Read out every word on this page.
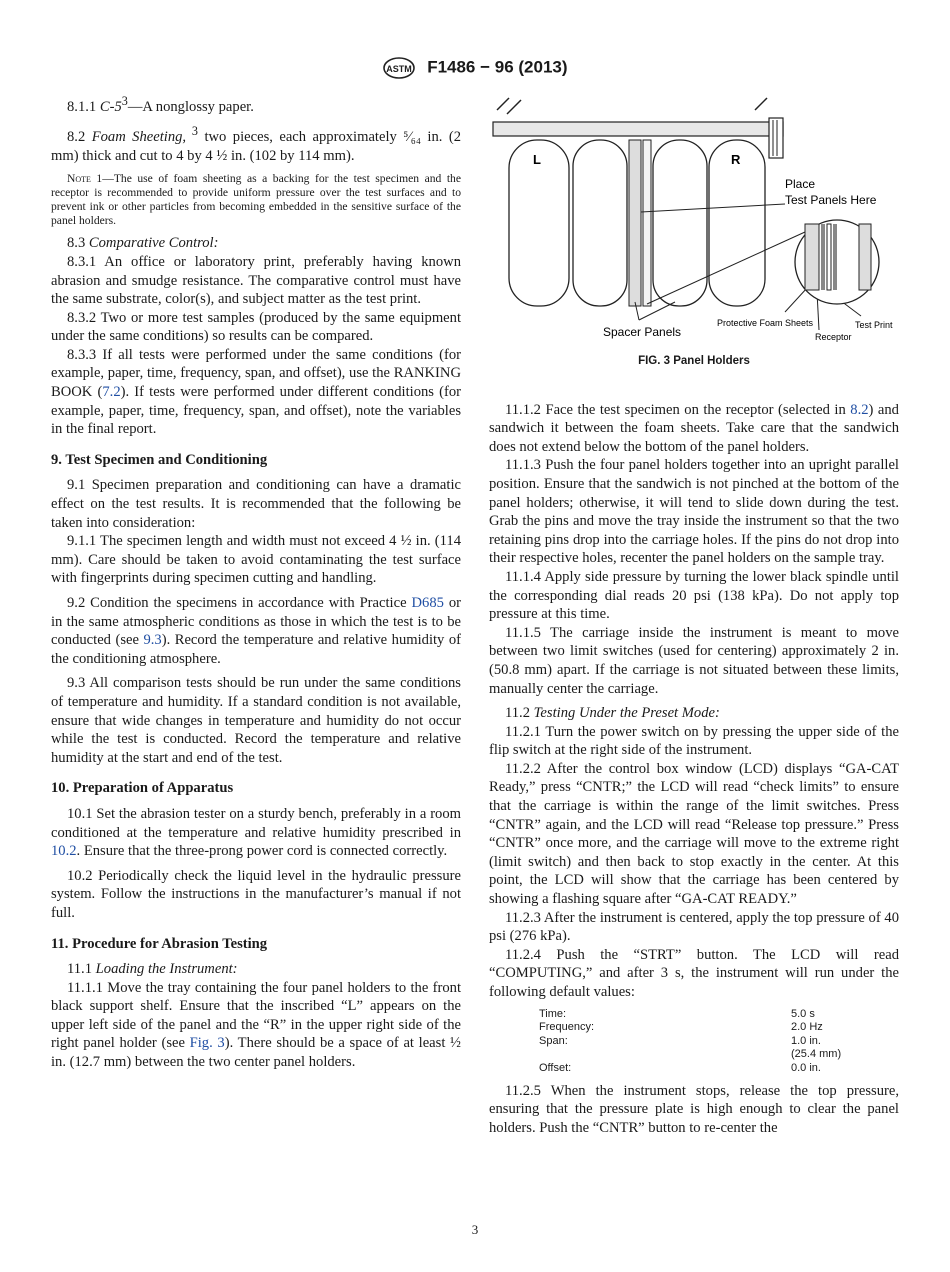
ASTM F1486 − 96 (2013)

8.1.1 $C-5^3—A$ nonglossy paper.

8.2 Foam Sheeting, $^3$ two pieces, each approximately ⁵⁄₆₄ in. (2 mm) thick and cut to 4 by 4 ½ in. (102 by 114 mm).

Note 1—The use of foam sheeting as a backing for the test specimen and the receptor is recommended to provide uniform pressure over the test surfaces and to prevent ink or other particles from becoming embedded in the sensitive surface of the panel holders.

8.3 Comparative Control:

8.3.1 An office or laboratory print, preferably having known abrasion and smudge resistance. The comparative control must have the same substrate, color(s), and subject matter as the test print.

8.3.2 Two or more test samples (produced by the same equipment under the same conditions) so results can be compared.

8.3.3 If all tests were performed under the same conditions (for example, paper, time, frequency, span, and offset), use the RANKING BOOK (7.2). If tests were performed under different conditions (for example, paper, time, frequency, span, and offset), note the variables in the final report.

9. Test Specimen and Conditioning

9.1 Specimen preparation and conditioning can have a dramatic effect on the test results. It is recommended that the following be taken into consideration:

9.1.1 The specimen length and width must not exceed 4 ½ in. (114 mm). Care should be taken to avoid contaminating the test surface with fingerprints during specimen cutting and handling.

9.2 Condition the specimens in accordance with Practice D685 or in the same atmospheric conditions as those in which the test is to be conducted (see 9.3). Record the temperature and relative humidity of the conditioning atmosphere.

9.3 All comparison tests should be run under the same conditions of temperature and humidity. If a standard condition is not available, ensure that wide changes in temperature and humidity do not occur while the test is conducted. Record the temperature and relative humidity at the start and end of the test.

10. Preparation of Apparatus

10.1 Set the abrasion tester on a sturdy bench, preferably in a room conditioned at the temperature and relative humidity prescribed in 10.2. Ensure that the three-prong power cord is connected correctly.

10.2 Periodically check the liquid level in the hydraulic pressure system. Follow the instructions in the manufacturer’s manual if not full.

11. Procedure for Abrasion Testing

11.1 Loading the Instrument:

11.1.1 Move the tray containing the four panel holders to the front black support shelf. Ensure that the inscribed “L” appears on the upper left side of the panel and the “R” in the upper right side of the right panel holder (see Fig. 3). There should be a space of at least ½ in. (12.7 mm) between the two center panel holders.

L	R
Place
Test Panels Here
Spacer Panels
Protective Foam Sheets	Test Print
Receptor

FIG. 3 Panel Holders

11.1.2 Face the test specimen on the receptor (selected in 8.2) and sandwich it between the foam sheets. Take care that the sandwich does not extend below the bottom of the panel holders.

11.1.3 Push the four panel holders together into an upright parallel position. Ensure that the sandwich is not pinched at the bottom of the panel holders; otherwise, it will tend to slide down during the test. Grab the pins and move the tray inside the instrument so that the two retaining pins drop into the carriage holes. If the pins do not drop into their respective holes, recenter the panel holders on the sample tray.

11.1.4 Apply side pressure by turning the lower black spindle until the corresponding dial reads 20 psi (138 kPa). Do not apply top pressure at this time.

11.1.5 The carriage inside the instrument is meant to move between two limit switches (used for centering) approximately 2 in. (50.8 mm) apart. If the carriage is not situated between these limits, manually center the carriage.

11.2 Testing Under the Preset Mode:

11.2.1 Turn the power switch on by pressing the upper side of the flip switch at the right side of the instrument.

11.2.2 After the control box window (LCD) displays “GA-CAT Ready,” press “CNTR;” the LCD will read “check limits” to ensure that the carriage is within the range of the limit switches. Press “CNTR” again, and the LCD will read “Release top pressure.” Press “CNTR” once more, and the carriage will move to the extreme right (limit switch) and then back to stop exactly in the center. At this point, the LCD will show that the carriage has been centered by showing a flashing square after “GA-CAT READY.”

11.2.3 After the instrument is centered, apply the top pressure of 40 psi (276 kPa).

11.2.4 Push the “STRT” button. The LCD will read “COMPUTING,” and after 3 s, the instrument will run under the following default values:

Time:	5.0 s
Frequency:	2.0 Hz
Span:	1.0 in.
(25.4 mm)
Offset:	0.0 in.

11.2.5 When the instrument stops, release the top pressure, ensuring that the pressure plate is high enough to clear the panel holders. Push the “CNTR” button to re-center the

3
